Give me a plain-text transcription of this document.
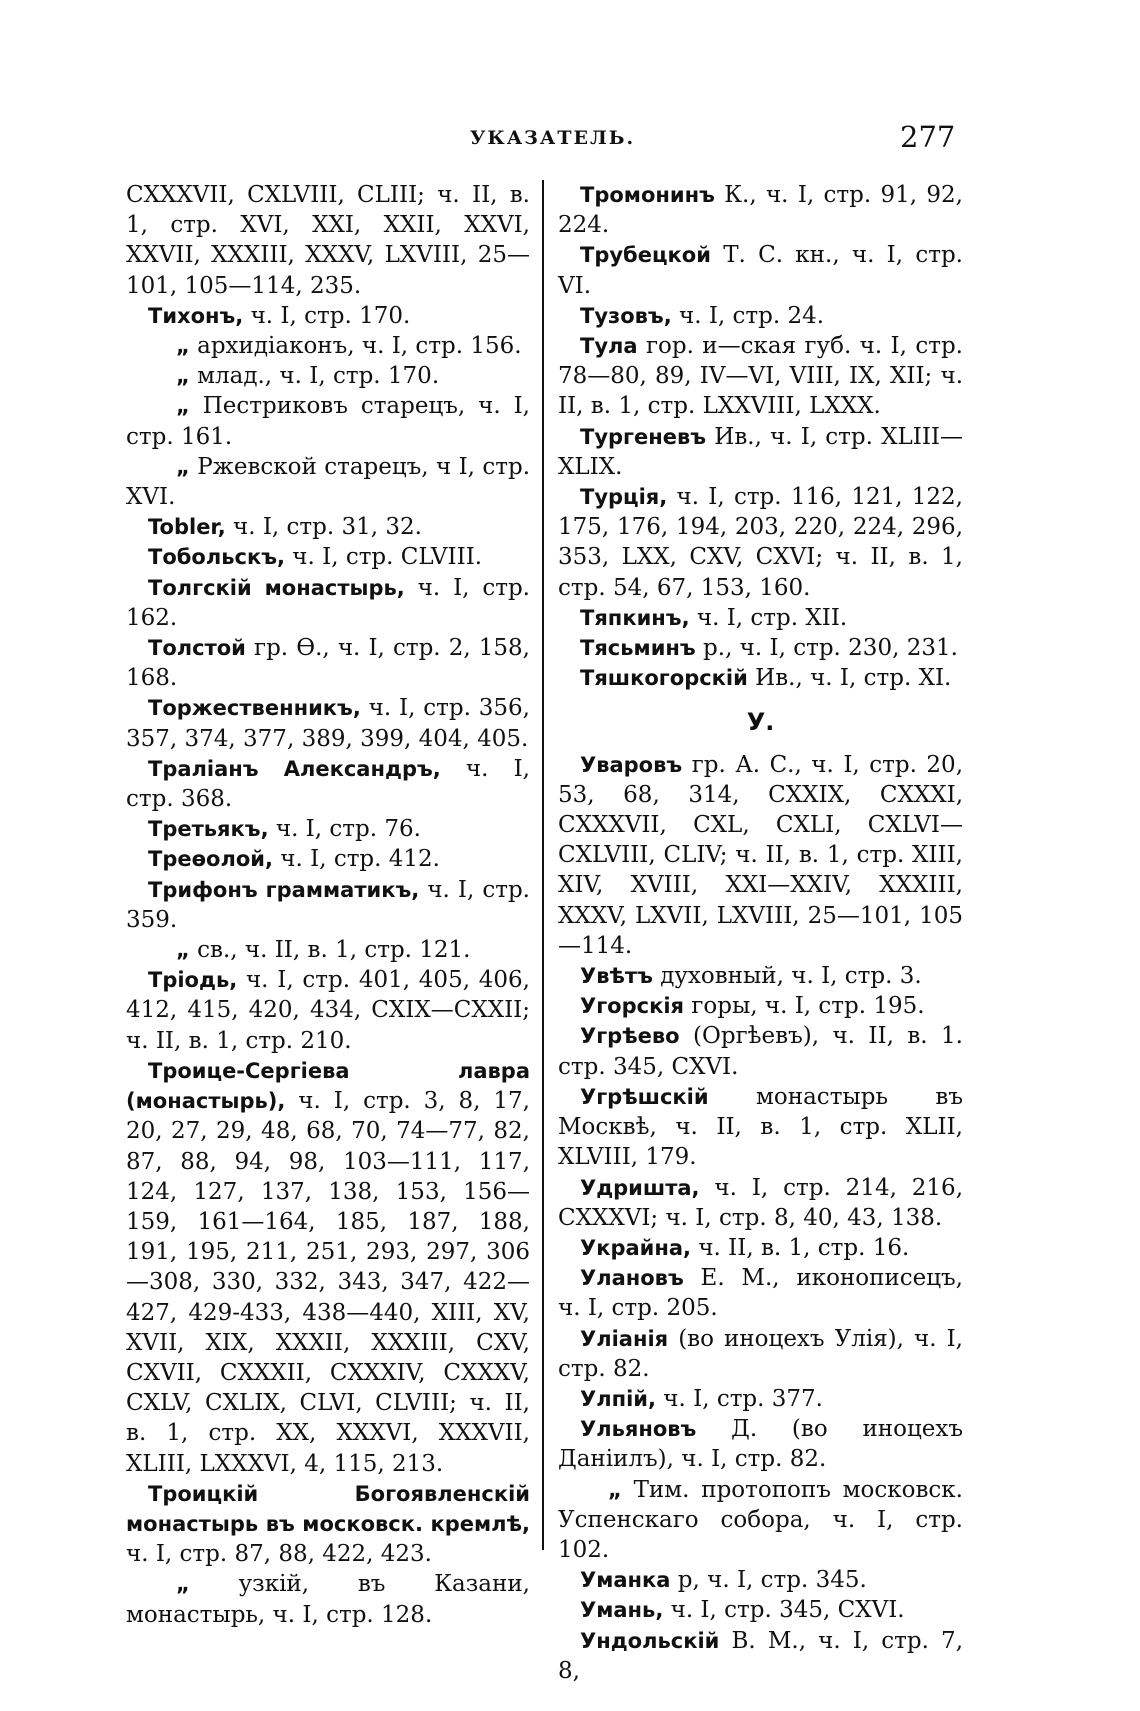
УКАЗАТЕЛЬ.	277

CXXXVII, CXLVIII, CLIII; ч. II, в. 1, стр. XVI, XXI, XXII, XXVI, XXVII, XXXIII, XXXV, LXVIII, 25—101, 105—114, 235.

Тихонъ, ч. I, стр. 170.

„ архидіаконъ, ч. I, стр. 156.

„ млад., ч. I, стр. 170.

„ Пестриковъ старецъ, ч. I, стр. 161.

„ Ржевской старецъ, ч I, стр. XVI.

Tobler, ч. I, стр. 31, 32.

Тобольскъ, ч. I, стр. CLVIII.

Толгскій монастырь, ч. I, стр. 162.

Толстой гр. Ѳ., ч. I, стр. 2, 158, 168.

Торжественникъ, ч. I, стр. 356, 357, 374, 377, 389, 399, 404, 405.

Траліанъ Александръ, ч. I, стр. 368.

Третьякъ, ч. I, стр. 76.

Треѳолой, ч. I, стр. 412.

Трифонъ грамматикъ, ч. I, стр. 359.

„ св., ч. II, в. 1, стр. 121.

Тріодь, ч. I, стр. 401, 405, 406, 412, 415, 420, 434, CXIX—CXXII; ч. II, в. 1, стр. 210.

Троице-Сергіева лавра (монастырь), ч. I, стр. 3, 8, 17, 20, 27, 29, 48, 68, 70, 74—77, 82, 87, 88, 94, 98, 103—111, 117, 124, 127, 137, 138, 153, 156—159, 161—164, 185, 187, 188, 191, 195, 211, 251, 293, 297, 306—308, 330, 332, 343, 347, 422—427, 429-433, 438—440, XIII, XV, XVII, XIX, XXXII, XXXIII, CXV, CXVII, CXXXII, CXXXIV, CXXXV, CXLV, CXLIX, CLVI, CLVIII; ч. II, в. 1, стр. XX, XXXVI, XXXVII, XLIII, LXXXVI, 4, 115, 213.

Троицкій Богоявленскій монастырь въ московск. кремлѣ, ч. I, стр. 87, 88, 422, 423.

„ узкій, въ Казани, монастырь, ч. I, стр. 128.

Тромонинъ К., ч. I, стр. 91, 92, 224.

Трубецкой Т. С. кн., ч. I, стр. VI.

Тузовъ, ч. I, стр. 24.

Тула гор. и—ская губ. ч. I, стр. 78—80, 89, IV—VI, VIII, IX, XII; ч. II, в. 1, стр. LXXVIII, LXXX.

Тургеневъ Ив., ч. I, стр. XLIII—XLIX.

Турція, ч. I, стр. 116, 121, 122, 175, 176, 194, 203, 220, 224, 296, 353, LXX, CXV, CXVI; ч. II, в. 1, стр. 54, 67, 153, 160.

Тяпкинъ, ч. I, стр. XII.

Тясьминъ р., ч. I, стр. 230, 231.

Тяшкогорскій Ив., ч. I, стр. XI.

У.

Уваровъ гр. А. С., ч. I, стр. 20, 53, 68, 314, CXXIX, CXXXI, CXXXVII, CXL, CXLI, CXLVI—CXLVIII, CLIV; ч. II, в. 1, стр. XIII, XIV, XVIII, XXI—XXIV, XXXIII, XXXV, LXVII, LXVIII, 25—101, 105—114.

Увѣтъ духовный, ч. I, стр. 3.

Угорскія горы, ч. I, стр. 195.

Угрѣево (Оргѣевъ), ч. II, в. 1. стр. 345, CXVI.

Угрѣшскій монастырь въ Москвѣ, ч. II, в. 1, стр. XLII, XLVIII, 179.

Удришта, ч. I, стр. 214, 216, CXXXVI; ч. I, стр. 8, 40, 43, 138.

Украйна, ч. II, в. 1, стр. 16.

Улановъ Е. М., иконописецъ, ч. I, стр. 205.

Уліанія (во иноцехъ Улія), ч. I, стр. 82.

Улпій, ч. I, стр. 377.

Ульяновъ Д. (во иноцехъ Даніилъ), ч. I, стр. 82.

„ Тим. протопопъ московск. Успенскаго собора, ч. I, стр. 102.

Уманка р, ч. I, стр. 345.

Умань, ч. I, стр. 345, CXVI.

Ундольскій В. М., ч. I, стр. 7, 8,
